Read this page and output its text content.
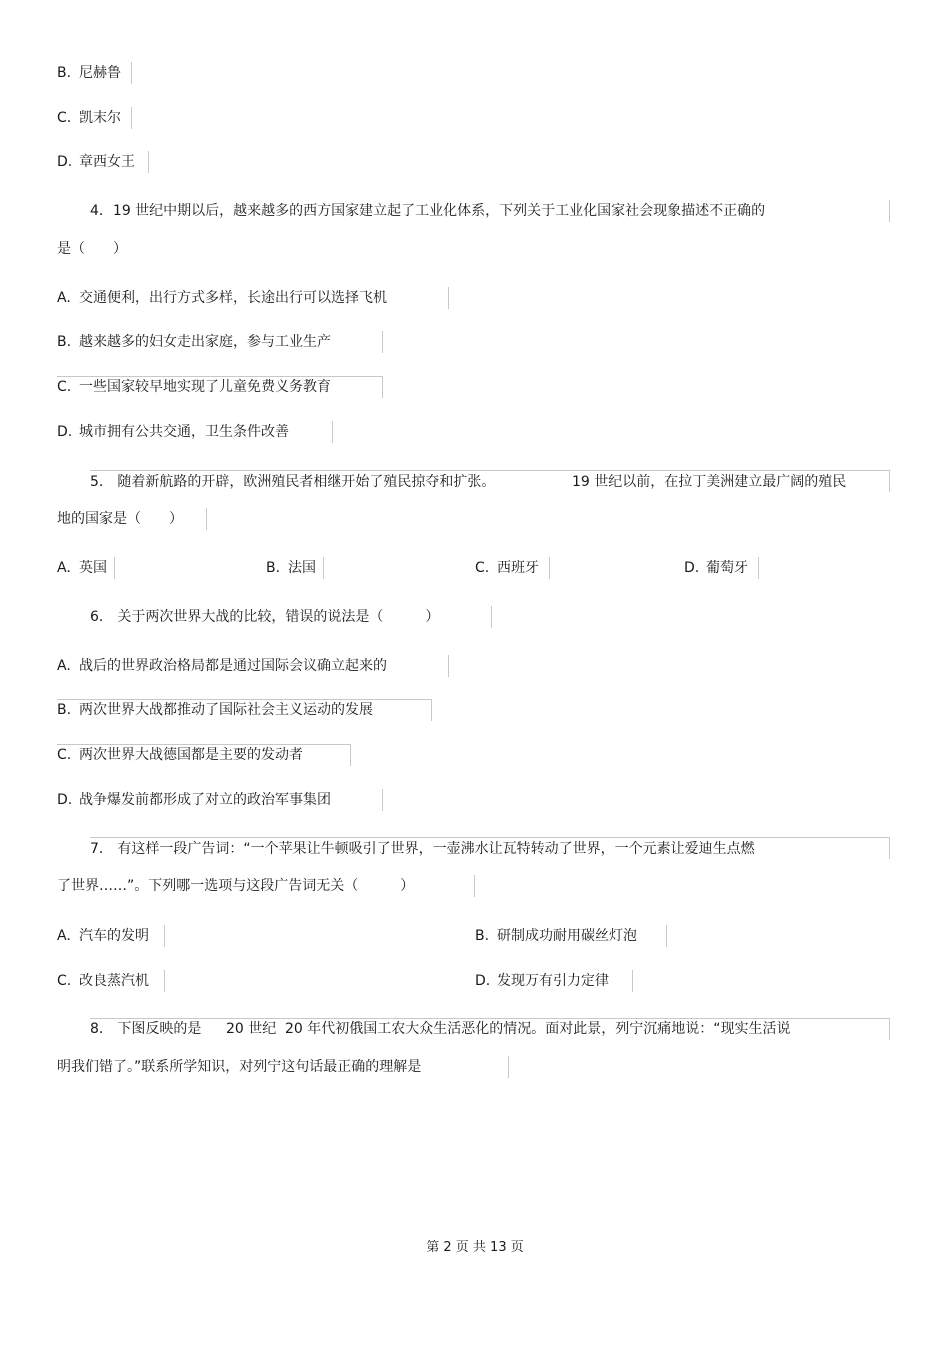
B. 尼赫鲁
C. 凯末尔
D. 章西女王
4．19 世纪中期以后，越来越多的西方国家建立起了工业化体系，下列关于工业化国家社会现象描述不正确的
是（　　）
A. 交通便利，出行方式多样，长途出行可以选择飞机
B. 越来越多的妇女走出家庭，参与工业生产
C. 一些国家较早地实现了儿童免费义务教育
D. 城市拥有公共交通，卫生条件改善
5． 随着新航路的开辟，欧洲殖民者相继开始了殖民掠夺和扩张。	19 世纪以前，在拉丁美洲建立最广阔的殖民
地的国家是（　　）
A. 英国	B. 法国	C. 西班牙	D. 葡萄牙
6． 关于两次世界大战的比较，错误的说法是（　　　）
A. 战后的世界政治格局都是通过国际会议确立起来的
B. 两次世界大战都推动了国际社会主义运动的发展
C. 两次世界大战德国都是主要的发动者
D. 战争爆发前都形成了对立的政治军事集团
7． 有这样一段广告词：“一个苹果让牛顿吸引了世界，一壶沸水让瓦特转动了世界，一个元素让爱迪生点燃
了世界……”。下列哪一选项与这段广告词无关（　　　）
A. 汽车的发明	B. 研制成功耐用碳丝灯泡
C. 改良蒸汽机	D. 发现万有引力定律
8． 下图反映的是 20 世纪 20 年代初俄国工农大众生活恶化的情况。面对此景，列宁沉痛地说：“现实生活说
明我们错了。”联系所学知识，对列宁这句话最正确的理解是
第 2 页 共 13 页
